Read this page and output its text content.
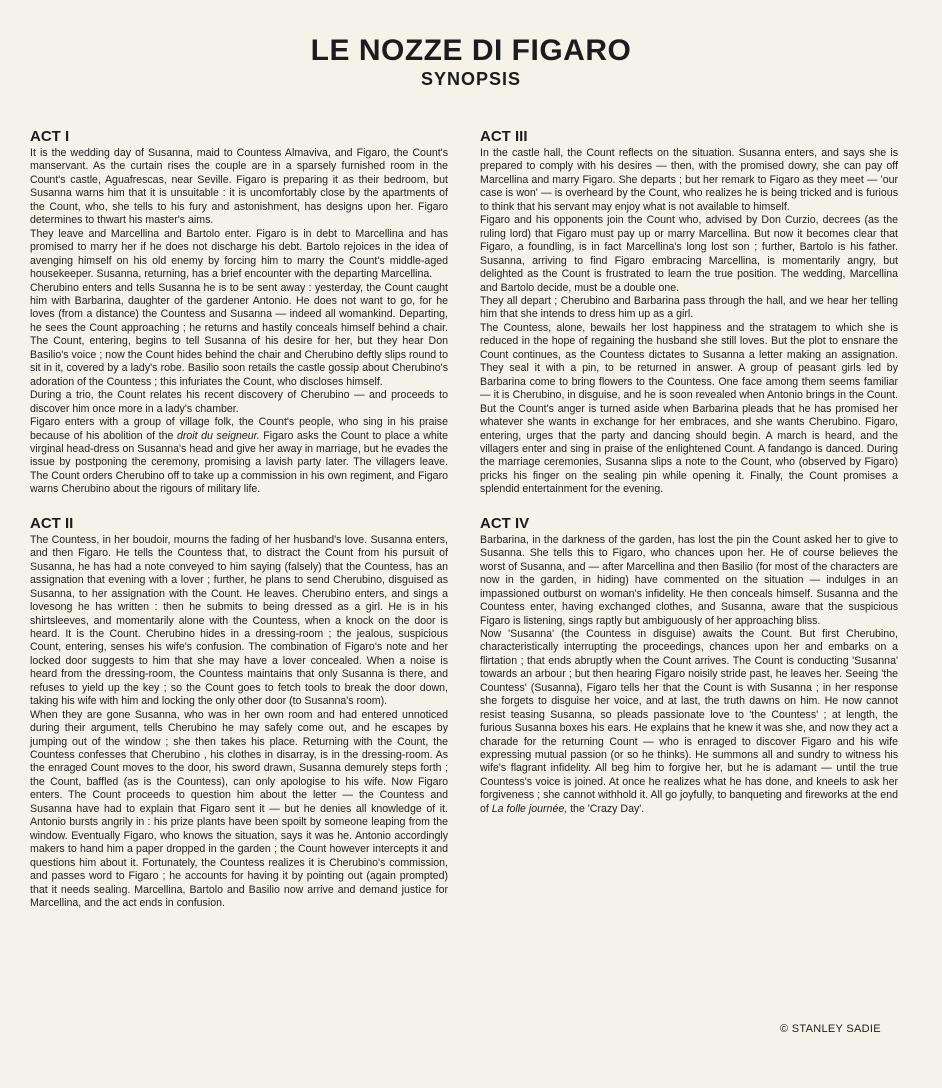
LE NOZZE DI FIGARO
SYNOPSIS
ACT I

It is the wedding day of Susanna, maid to Countess Almaviva, and Figaro, the Count's manservant. As the curtain rises the couple are in a sparsely furnished room in the Count's castle, Aguafrescas, near Seville. Figaro is preparing it as their bedroom, but Susanna warns him that it is unsuitable : it is uncomfortably close by the apartments of the Count, who, she tells to his fury and astonishment, has designs upon her. Figaro determines to thwart his master's aims.

They leave and Marcellina and Bartolo enter. Figaro is in debt to Marcellina and has promised to marry her if he does not discharge his debt. Bartolo rejoices in the idea of avenging himself on his old enemy by forcing him to marry the Count's middle-aged housekeeper. Susanna, returning, has a brief encounter with the departing Marcellina.

Cherubino enters and tells Susanna he is to be sent away : yesterday, the Count caught him with Barbarina, daughter of the gardener Antonio. He does not want to go, for he loves (from a distance) the Countess and Susanna — indeed all womankind. Departing, he sees the Count approaching ; he returns and hastily conceals himself behind a chair. The Count, entering, begins to tell Susanna of his desire for her, but they hear Don Basilio's voice ; now the Count hides behind the chair and Cherubino deftly slips round to sit in it, covered by a lady's robe. Basilio soon retails the castle gossip about Cherubino's adoration of the Countess ; this infuriates the Count, who discloses himself.

During a trio, the Count relates his recent discovery of Cherubino — and proceeds to discover him once more in a lady's chamber.

Figaro enters with a group of village folk, the Count's people, who sing in his praise because of his abolition of the droit du seigneur. Figaro asks the Count to place a white virginal head-dress on Susanna's head and give her away in marriage, but he evades the issue by postponing the ceremony, promising a lavish party later. The villagers leave. The Count orders Cherubino off to take up a commission in his own regiment, and Figaro warns Cherubino about the rigours of military life.

ACT II

The Countess, in her boudoir, mourns the fading of her husband's love. Susanna enters, and then Figaro. He tells the Countess that, to distract the Count from his pursuit of Susanna, he has had a note conveyed to him saying (falsely) that the Countess, has an assignation that evening with a lover ; further, he plans to send Cherubino, disguised as Susanna, to her assignation with the Count. He leaves. Cherubino enters, and sings a lovesong he has written : then he submits to being dressed as a girl. He is in his shirtsleeves, and momentarily alone with the Countess, when a knock on the door is heard. It is the Count. Cherubino hides in a dressing-room ; the jealous, suspicious Count, entering, senses his wife's confusion. The combination of Figaro's note and her locked door suggests to him that she may have a lover concealed. When a noise is heard from the dressing-room, the Countess maintains that only Susanna is there, and refuses to yield up the key ; so the Count goes to fetch tools to break the door down, taking his wife with him and locking the only other door (to Susanna's room).

When they are gone Susanna, who was in her own room and had entered unnoticed during their argument, tells Cherubino he may safely come out, and he escapes by jumping out of the window ; she then takes his place. Returning with the Count, the Countess confesses that Cherubino , his clothes in disarray, is in the dressing-room. As the enraged Count moves to the door, his sword drawn, Susanna demurely steps forth ; the Count, baffled (as is the Countess), can only apologise to his wife. Now Figaro enters. The Count proceeds to question him about the letter — the Countess and Susanna have had to explain that Figaro sent it — but he denies all knowledge of it. Antonio bursts angrily in : his prize plants have been spoilt by someone leaping from the window. Eventually Figaro, who knows the situation, says it was he. Antonio accordingly makers to hand him a paper dropped in the garden ; the Count however intercepts it and questions him about it. Fortunately, the Countess realizes it is Cherubino's commission, and passes word to Figaro ; he accounts for having it by pointing out (again prompted) that it needs sealing. Marcellina, Bartolo and Basilio now arrive and demand justice for Marcellina, and the act ends in confusion.

ACT III

In the castle hall, the Count reflects on the situation. Susanna enters, and says she is prepared to comply with his desires — then, with the promised dowry, she can pay off Marcellina and marry Figaro. She departs ; but her remark to Figaro as they meet — 'our case is won' — is overheard by the Count, who realizes he is being tricked and is furious to think that his servant may enjoy what is not available to himself.

Figaro and his opponents join the Count who, advised by Don Curzio, decrees (as the ruling lord) that Figaro must pay up or marry Marcellina. But now it becomes clear that Figaro, a foundling, is in fact Marcellina's long lost son ; further, Bartolo is his father. Susanna, arriving to find Figaro embracing Marcellina, is momentarily angry, but delighted as the Count is frustrated to learn the true position. The wedding, Marcellina and Bartolo decide, must be a double one.

They all depart ; Cherubino and Barbarina pass through the hall, and we hear her telling him that she intends to dress him up as a girl.

The Countess, alone, bewails her lost happiness and the stratagem to which she is reduced in the hope of regaining the husband she still loves. But the plot to ensnare the Count continues, as the Countess dictates to Susanna a letter making an assignation. They seal it with a pin, to be returned in answer. A group of peasant girls led by Barbarina come to bring flowers to the Countess. One face among them seems familiar — it is Cherubino, in disguise, and he is soon revealed when Antonio brings in the Count. But the Count's anger is turned aside when Barbarina pleads that he has promised her whatever she wants in exchange for her embraces, and she wants Cherubino. Figaro, entering, urges that the party and dancing should begin. A march is heard, and the villagers enter and sing in praise of the enlightened Count. A fandango is danced. During the marriage ceremonies, Susanna slips a note to the Count, who (observed by Figaro) pricks his finger on the sealing pin while opening it. Finally, the Count promises a splendid entertainment for the evening.

ACT IV

Barbarina, in the darkness of the garden, has lost the pin the Count asked her to give to Susanna. She tells this to Figaro, who chances upon her. He of course believes the worst of Susanna, and — after Marcellina and then Basilio (for most of the characters are now in the garden, in hiding) have commented on the situation — indulges in an impassioned outburst on woman's infidelity. He then conceals himself. Susanna and the Countess enter, having exchanged clothes, and Susanna, aware that the suspicious Figaro is listening, sings raptly but ambiguously of her approaching bliss.

Now 'Susanna' (the Countess in disguise) awaits the Count. But first Cherubino, characteristically interrupting the proceedings, chances upon her and embarks on a flirtation ; that ends abruptly when the Count arrives. The Count is conducting 'Susanna' towards an arbour ; but then hearing Figaro noisily stride past, he leaves her. Seeing 'the Countess' (Susanna), Figaro tells her that the Count is with Susanna ; in her response she forgets to disguise her voice, and at last, the truth dawns on him. He now cannot resist teasing Susanna, so pleads passionate love to 'the Countess' ; at length, the furious Susanna boxes his ears. He explains that he knew it was she, and now they act a charade for the returning Count — who is enraged to discover Figaro and his wife expressing mutual passion (or so he thinks). He summons all and sundry to witness his wife's flagrant infidelity. All beg him to forgive her, but he is adamant — until the true Countess's voice is joined. At once he realizes what he has done, and kneels to ask her forgiveness ; she cannot withhold it. All go joyfully, to banqueting and fireworks at the end of La folle journée, the 'Crazy Day'.

© STANLEY SADIE
